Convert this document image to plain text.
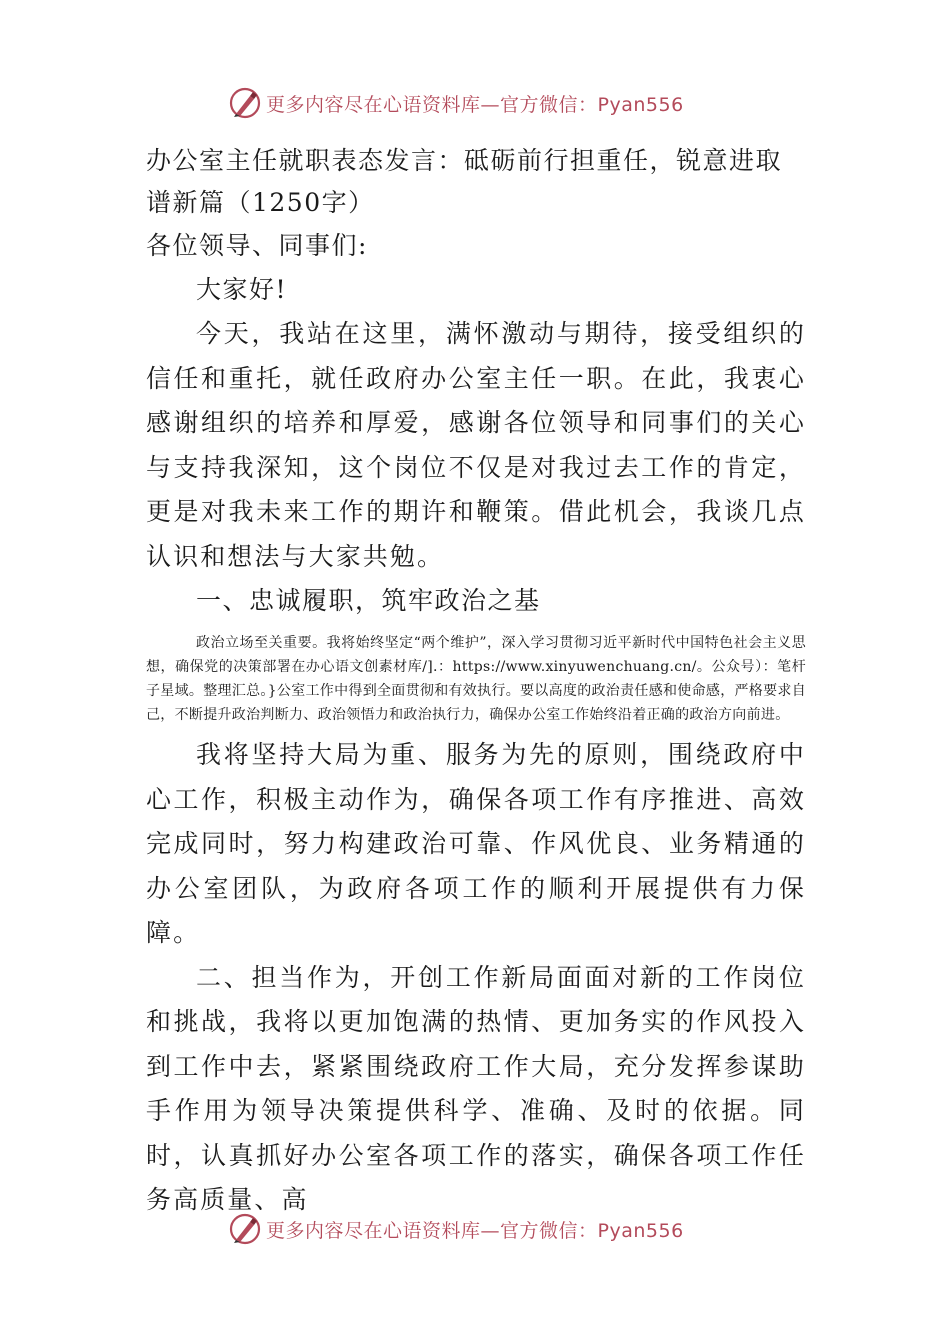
更多内容尽在心语资料库—官方微信：Pyan556

办公室主任就职表态发言：砥砺前行担重任，锐意进取谱新篇（1250字）

各位领导、同事们:

大家好!

今天，我站在这里，满怀激动与期待，接受组织的信任和重托，就任政府办公室主任一职。在此，我衷心感谢组织的培养和厚爱，感谢各位领导和同事们的关心与支持我深知，这个岗位不仅是对我过去工作的肯定，更是对我未来工作的期许和鞭策。借此机会，我谈几点认识和想法与大家共勉。

一、忠诚履职，筑牢政治之基

政治立场至关重要。我将始终坚定“两个维护”，深入学习贯彻习近平新时代中国特色社会主义思想，确保党的决策部署在办心语文创素材库/].：https://www.xinyuwenchuang.cn/。公众号）：笔杆子星域。整理汇总。}公室工作中得到全面贯彻和有效执行。要以高度的政治责任感和使命感，严格要求自己，不断提升政治判断力、政治领悟力和政治执行力，确保办公室工作始终沿着正确的政治方向前进。

我将坚持大局为重、服务为先的原则，围绕政府中心工作，积极主动作为，确保各项工作有序推进、高效完成同时，努力构建政治可靠、作风优良、业务精通的办公室团队，为政府各项工作的顺利开展提供有力保障。

二、担当作为，开创工作新局面面对新的工作岗位和挑战，我将以更加饱满的热情、更加务实的作风投入到工作中去，紧紧围绕政府工作大局，充分发挥参谋助手作用为领导决策提供科学、准确、及时的依据。同时，认真抓好办公室各项工作的落实，确保各项工作任务高质量、高

更多内容尽在心语资料库—官方微信：Pyan556
